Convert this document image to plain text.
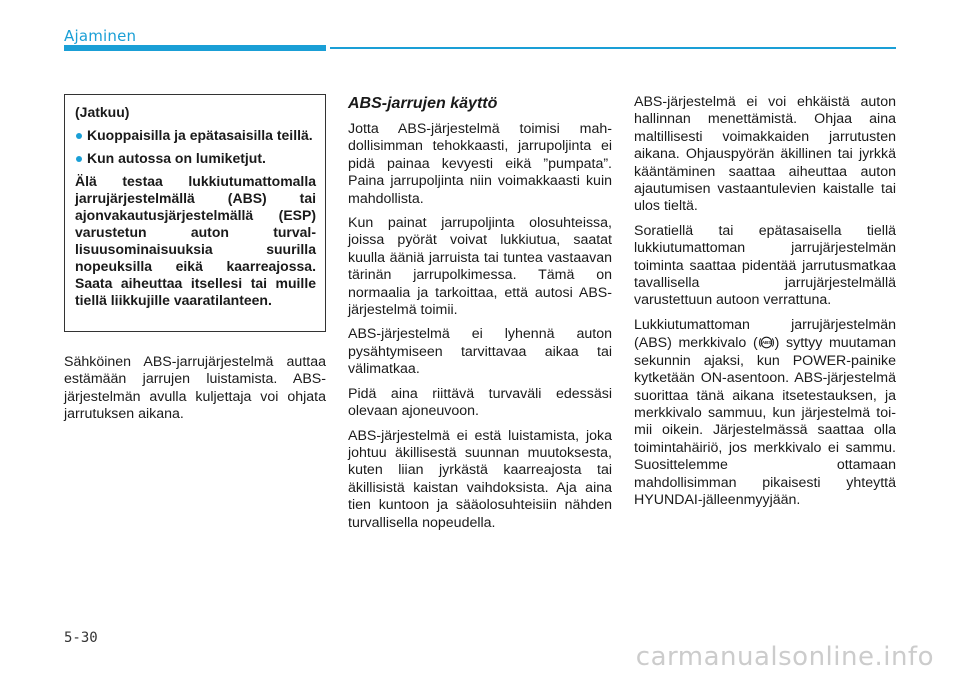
Ajaminen

(Jatkuu)

Kuoppaisilla ja epätasaisilla teillä.

Kun autossa on lumiketjut.

Älä testaa lukkiutumattomalla jarrujärjestelmällä (ABS) tai ajonvakautusjärjestelmällä (ESP) varustetun auton turvallisuusominaisuuksia suurilla nopeuksilla eikä kaarreajossa. Saata aiheuttaa itsellesi tai muille tiellä liikkujille vaaratilanteen.

Sähköinen ABS-jarrujärjestelmä auttaa estämään jarrujen luistamista. ABS-järjestelmän avulla kuljettaja voi ohjata jarrutuksen aikana.

ABS-jarrujen käyttö

Jotta ABS-järjestelmä toimisi mahdollisimman tehokkaasti, jarrupoljinta ei pidä painaa kevyesti eikä ”pumpata”. Paina jarrupoljinta niin voimakkaasti kuin mahdollista.

Kun painat jarrupoljinta olosuhteissa, joissa pyörät voivat lukkiutua, saatat kuulla ääniä jarruista tai tuntea vastaavan tärinän jarrupolkimessa. Tämä on normaalia ja tarkoittaa, että autosi ABS-järjestelmä toimii.

ABS-järjestelmä ei lyhennä auton pysähtymiseen tarvittavaa aikaa tai välimatkaa.

Pidä aina riittävä turvaväli edessäsi olevaan ajoneuvoon.

ABS-järjestelmä ei estä luistamista, joka johtuu äkillisestä suunnan muutoksesta, kuten liian jyrkästä kaarreajosta tai äkillisistä kaistan vaihdoksista. Aja aina tien kuntoon ja sääolosuhteisiin nähden turvallisella nopeudella.

ABS-järjestelmä ei voi ehkäistä auton hallinnan menettämistä. Ohjaa aina maltillisesti voimakkaiden jarrutusten aikana. Ohjauspyörän äkillinen tai jyrkkä kääntäminen saattaa aiheuttaa auton ajautumisen vastaantulevien kaistalle tai ulos tieltä.

Soratiellä tai epätasaisella tiellä lukkiutumattoman jarrujärjestelmän toiminta saattaa pidentää jarrutusmatkaa tavallisella jarrujärjestelmällä varustettuun autoon verrattuna.

Lukkiutumattoman jarrujärjestelmän (ABS) merkkivalo ( ABS ) syttyy muutaman sekunnin ajaksi, kun POWER-painike kytketään ON-asentoon. ABS-järjestelmä suorittaa tänä aikana itsetestauksen, ja merkkivalo sammuu, kun järjestelmä toimii oikein. Järjestelmässä saattaa olla toimintahäiriö, jos merkkivalo ei sammu. Suosittelemme ottamaan mahdollisimman pikaisesti yhteyttä HYUNDAI-jälleenmyyjään.

5-30
carmanualsonline.info
